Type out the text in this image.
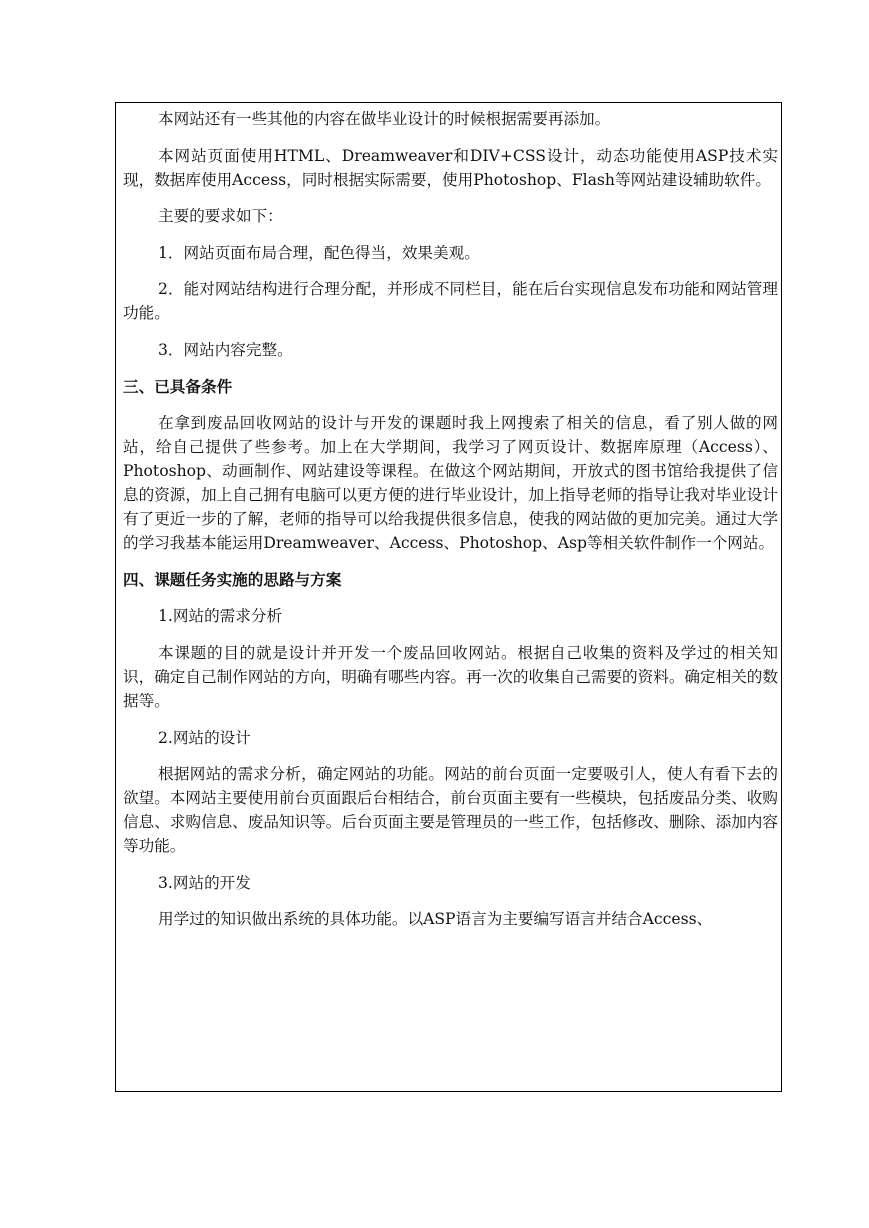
本网站还有一些其他的内容在做毕业设计的时候根据需要再添加。

本网站页面使用HTML、Dreamweaver和DIV+CSS设计，动态功能使用ASP技术实现，数据库使用Access，同时根据实际需要，使用Photoshop、Flash等网站建设辅助软件。

主要的要求如下：

1．网站页面布局合理，配色得当，效果美观。

2．能对网站结构进行合理分配，并形成不同栏目，能在后台实现信息发布功能和网站管理功能。

3．网站内容完整。

三、已具备条件

在拿到废品回收网站的设计与开发的课题时我上网搜索了相关的信息，看了别人做的网站，给自己提供了些参考。加上在大学期间，我学习了网页设计、数据库原理（Access）、Photoshop、动画制作、网站建设等课程。在做这个网站期间，开放式的图书馆给我提供了信息的资源，加上自己拥有电脑可以更方便的进行毕业设计，加上指导老师的指导让我对毕业设计有了更近一步的了解，老师的指导可以给我提供很多信息，使我的网站做的更加完美。通过大学的学习我基本能运用Dreamweaver、Access、Photoshop、Asp等相关软件制作一个网站。

四、课题任务实施的思路与方案

1.网站的需求分析

本课题的目的就是设计并开发一个废品回收网站。根据自己收集的资料及学过的相关知识，确定自己制作网站的方向，明确有哪些内容。再一次的收集自己需要的资料。确定相关的数据等。

2.网站的设计

根据网站的需求分析，确定网站的功能。网站的前台页面一定要吸引人，使人有看下去的欲望。本网站主要使用前台页面跟后台相结合，前台页面主要有一些模块，包括废品分类、收购信息、求购信息、废品知识等。后台页面主要是管理员的一些工作，包括修改、删除、添加内容等功能。

3.网站的开发

用学过的知识做出系统的具体功能。以ASP语言为主要编写语言并结合Access、
